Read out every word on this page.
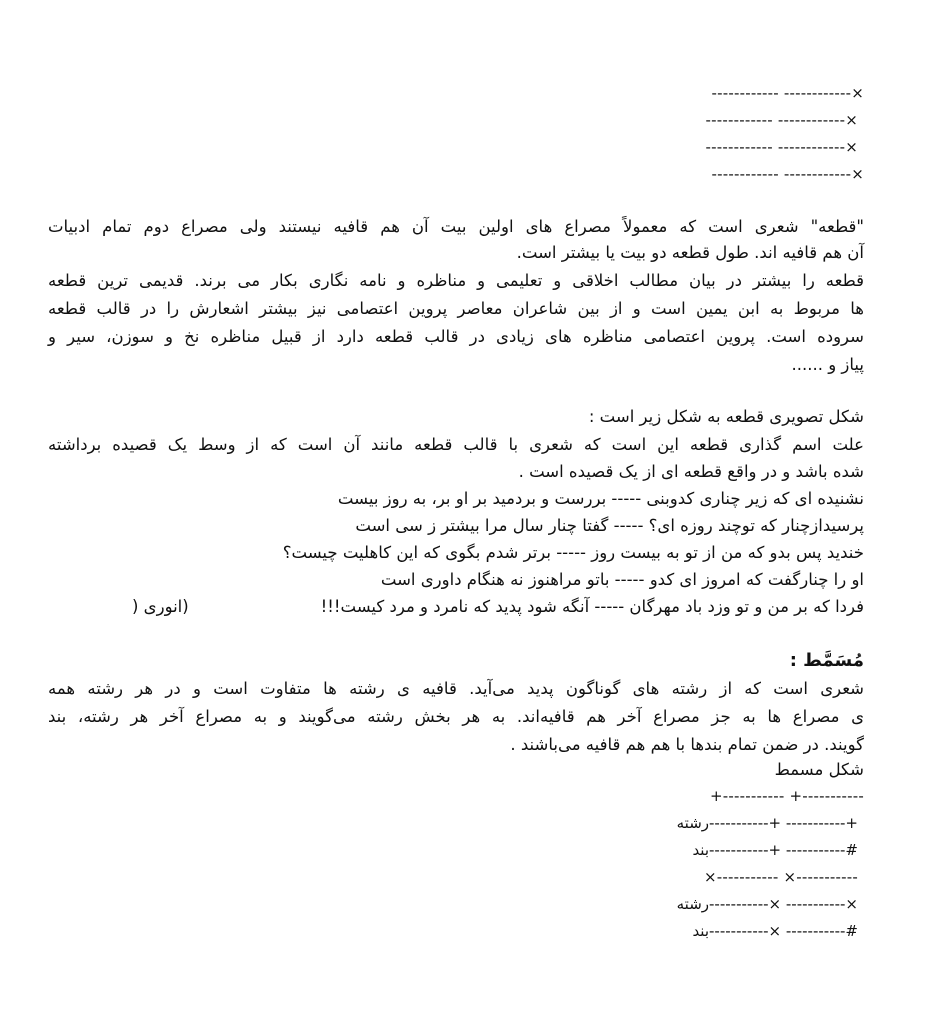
------------ ------------×
------------ ------------×
------------ ------------×
------------ ------------×
"قطعه" شعری است که معمولاً مصراع های اولین بیت آن هم قافیه نیستند ولی مصراع دوم تمام ادبیات
آن هم قافیه اند. طول قطعه دو بیت یا بیشتر است.
قطعه را بیشتر در بیان مطالب اخلاقی و تعلیمی و مناظره و نامه نگاری بکار می برند. قدیمی ترین قطعه
ها مربوط به ابن یمین است و از بین شاعران معاصر پروین اعتصامی نیز بیشتر اشعارش را در قالب قطعه
سروده است. پروین اعتصامی مناظره های زیادی در قالب قطعه دارد از قبیل مناظره نخ و سوزن، سیر و
پیاز و ......
شکل تصویری قطعه به شکل زیر است :
علت اسم گذاری قطعه این است که شعری با قالب قطعه مانند آن است که از وسط یک قصیده برداشته
شده باشد و در واقع قطعه ای از یک قصیده است .
نشنیده ای که زیر چناری کدوبنی ----- بررست و بردمید بر او بر، به روز بیست
پرسیدازچنار که توچند روزه ای؟ ----- گفتا چنار سال مرا بیشتر ز سی است
خندید پس بدو که من از تو به بیست روز ----- برتر شدم بگوی که این کاهلیت چیست؟
او را چنارگفت که امروز ای کدو ----- باتو مراهنوز نه هنگام داوری است
فردا که بر من و تو وزد باد مهرگان ----- آنگه شود پدید که نامرد و مرد کیست!!!
(انوری (
مُسَمَّط :
شعری است که از رشته های گوناگون پدید می‌آید. قافیه ی رشته ها متفاوت است و در هر رشته همه
ی مصراع ها به جز مصراع آخر هم قافیه‌اند. به هر بخش رشته می‌گویند و به مصراع آخر هر رشته، بند
گویند. در ضمن تمام بندها با هم هم قافیه می‌باشند .
شکل مسمط
+----------- +-----------
+----------- +-----------رشته
#----------- +-----------بند
×----------- ×-----------
×----------- ×-----------رشته
#----------- ×-----------بند
